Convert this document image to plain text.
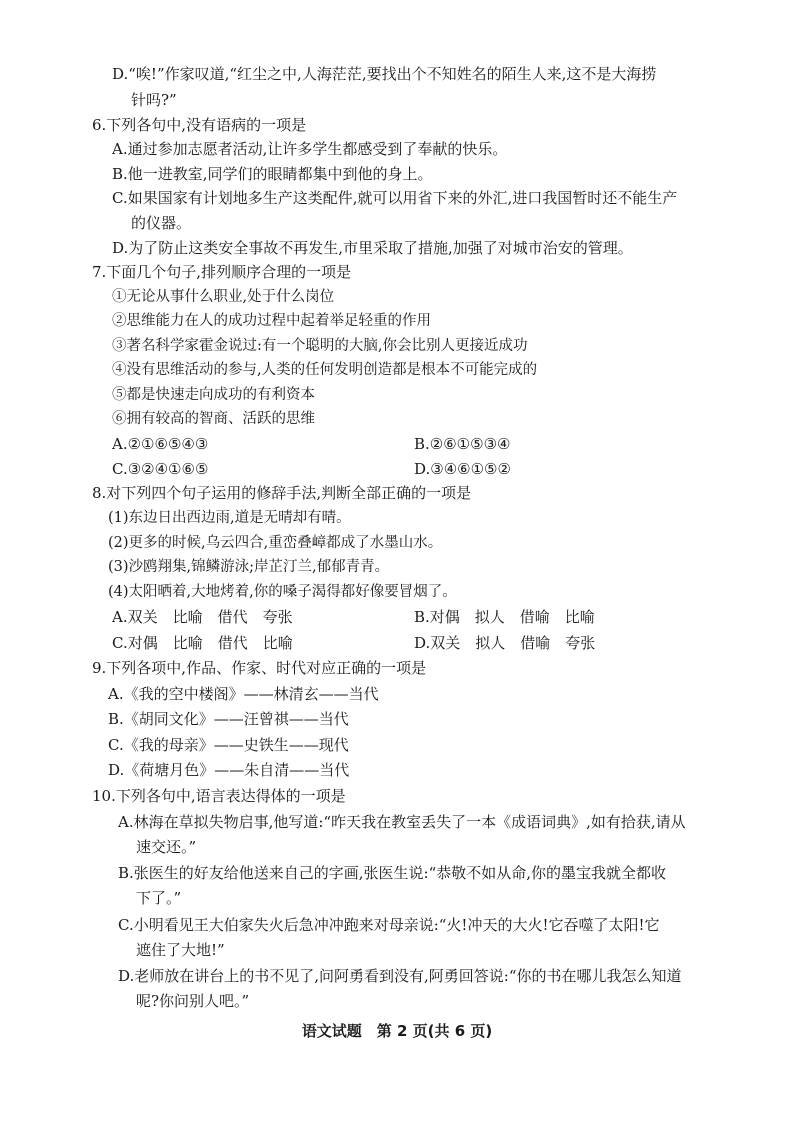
D.“唉!”作家叹道,“红尘之中,人海茫茫,要找出个不知姓名的陌生人来,这不是大海捞
针吗?”
6.下列各句中,没有语病的一项是
A.通过参加志愿者活动,让许多学生都感受到了奉献的快乐。
B.他一进教室,同学们的眼睛都集中到他的身上。
C.如果国家有计划地多生产这类配件,就可以用省下来的外汇,进口我国暂时还不能生产
的仪器。
D.为了防止这类安全事故不再发生,市里采取了措施,加强了对城市治安的管理。
7.下面几个句子,排列顺序合理的一项是
①无论从事什么职业,处于什么岗位
②思维能力在人的成功过程中起着举足轻重的作用
③著名科学家霍金说过:有一个聪明的大脑,你会比别人更接近成功
④没有思维活动的参与,人类的任何发明创造都是根本不可能完成的
⑤都是快速走向成功的有利资本
⑥拥有较高的智商、活跃的思维
A.②①⑥⑤④③	B.②⑥①⑤③④
C.③②④①⑥⑤	D.③④⑥①⑤②
8.对下列四个句子运用的修辞手法,判断全部正确的一项是
(1)东边日出西边雨,道是无晴却有晴。
(2)更多的时候,乌云四合,重峦叠嶂都成了水墨山水。
(3)沙鸥翔集,锦鳞游泳;岸芷汀兰,郁郁青青。
(4)太阳晒着,大地烤着,你的嗓子渴得都好像要冒烟了。
A.双关　比喻　借代　夸张	B.对偶　拟人　借喻　比喻
C.对偶　比喻　借代　比喻	D.双关　拟人　借喻　夸张
9.下列各项中,作品、作家、时代对应正确的一项是
A.《我的空中楼阁》——林清玄——当代
B.《胡同文化》——汪曾祺——当代
C.《我的母亲》——史铁生——现代
D.《荷塘月色》——朱自清——当代
10.下列各句中,语言表达得体的一项是
A.林海在草拟失物启事,他写道:“昨天我在教室丢失了一本《成语词典》,如有拾获,请从
速交还。”
B.张医生的好友给他送来自己的字画,张医生说:“恭敬不如从命,你的墨宝我就全都收
下了。”
C.小明看见王大伯家失火后急冲冲跑来对母亲说:“火!冲天的大火!它吞噬了太阳!它
遮住了大地!”
D.老师放在讲台上的书不见了,问阿勇看到没有,阿勇回答说:“你的书在哪儿我怎么知道
呢?你问别人吧。”
语文试题　第 2 页(共 6 页)
